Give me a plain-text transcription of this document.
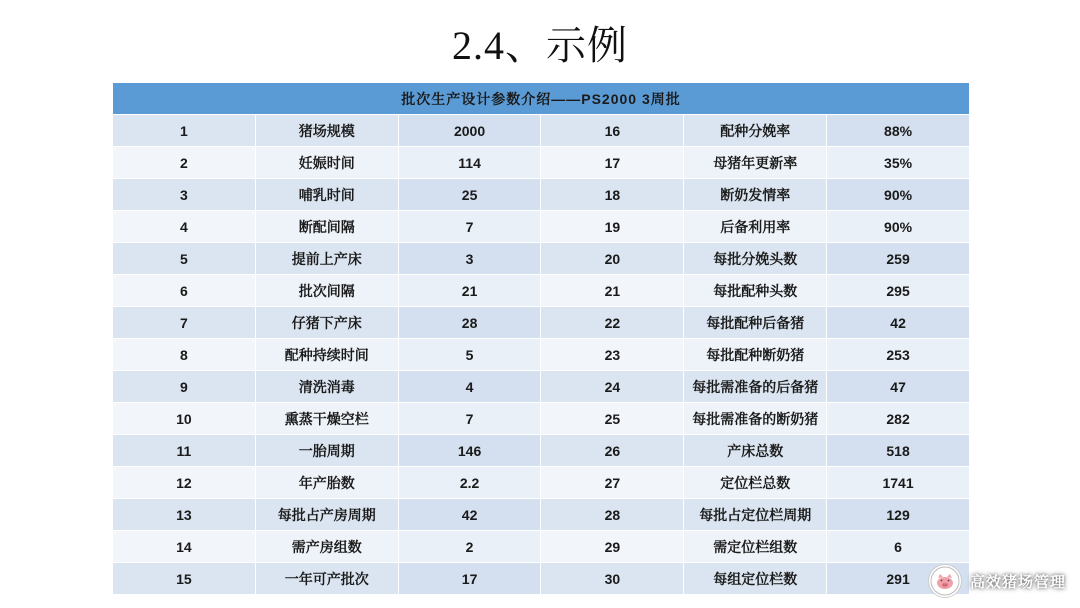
2.4、示例
批次生产设计参数介绍——PS2000 3周批					
1	猪场规模	2000	16	配种分娩率	88%
2	妊娠时间	114	17	母猪年更新率	35%
3	哺乳时间	25	18	断奶发情率	90%
4	断配间隔	7	19	后备利用率	90%
5	提前上产床	3	20	每批分娩头数	259
6	批次间隔	21	21	每批配种头数	295
7	仔猪下产床	28	22	每批配种后备猪	42
8	配种持续时间	5	23	每批配种断奶猪	253
9	清洗消毒	4	24	每批需准备的后备猪	47
10	熏蒸干燥空栏	7	25	每批需准备的断奶猪	282
11	一胎周期	146	26	产床总数	518
12	年产胎数	2.2	27	定位栏总数	1741
13	每批占产房周期	42	28	每批占定位栏周期	129
14	需产房组数	2	29	需定位栏组数	6
15	一年可产批次	17	30	每组定位栏数	291	高效猪场管理
